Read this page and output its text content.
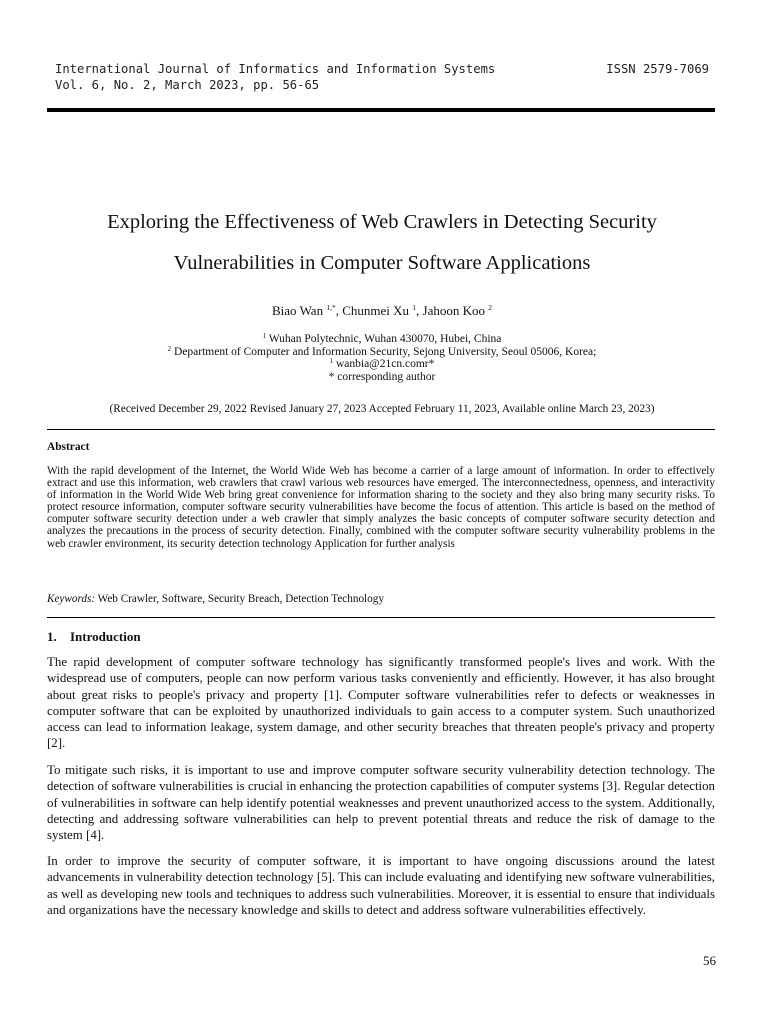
International Journal of Informatics and Information Systems	ISSN 2579-7069
Vol. 6, No. 2, March 2023, pp. 56-65
Exploring the Effectiveness of Web Crawlers in Detecting Security
Vulnerabilities in Computer Software Applications
Biao Wan $^{1,*}$, Chunmei Xu $^1$, Jahoon Koo $^2$
$^1$ Wuhan Polytechnic, Wuhan 430070, Hubei, China
$^2$ Department of Computer and Information Security, Sejong University, Seoul 05006, Korea;
$^1$ wanbia@21cn.comr*
* corresponding author
(Received December 29, 2022 Revised January 27, 2023 Accepted February 11, 2023, Available online March 23, 2023)
Abstract
With the rapid development of the Internet, the World Wide Web has become a carrier of a large amount of information. In order to effectively extract and use this information, web crawlers that crawl various web resources have emerged. The interconnectedness, openness, and interactivity of information in the World Wide Web bring great convenience for information sharing to the society and they also bring many security risks. To protect resource information, computer software security vulnerabilities have become the focus of attention. This article is based on the method of computer software security detection under a web crawler that simply analyzes the basic concepts of computer software security detection and analyzes the precautions in the process of security detection. Finally, combined with the computer software security vulnerability problems in the web crawler environment, its security detection technology Application for further analysis
Keywords: Web Crawler, Software, Security Breach, Detection Technology
1. Introduction
The rapid development of computer software technology has significantly transformed people's lives and work. With the widespread use of computers, people can now perform various tasks conveniently and efficiently. However, it has also brought about great risks to people's privacy and property [1]. Computer software vulnerabilities refer to defects or weaknesses in computer software that can be exploited by unauthorized individuals to gain access to a computer system. Such unauthorized access can lead to information leakage, system damage, and other security breaches that threaten people's privacy and property [2].
To mitigate such risks, it is important to use and improve computer software security vulnerability detection technology. The detection of software vulnerabilities is crucial in enhancing the protection capabilities of computer systems [3]. Regular detection of vulnerabilities in software can help identify potential weaknesses and prevent unauthorized access to the system. Additionally, detecting and addressing software vulnerabilities can help to prevent potential threats and reduce the risk of damage to the system [4].
In order to improve the security of computer software, it is important to have ongoing discussions around the latest advancements in vulnerability detection technology [5]. This can include evaluating and identifying new software vulnerabilities, as well as developing new tools and techniques to address such vulnerabilities. Moreover, it is essential to ensure that individuals and organizations have the necessary knowledge and skills to detect and address software vulnerabilities effectively.
56
